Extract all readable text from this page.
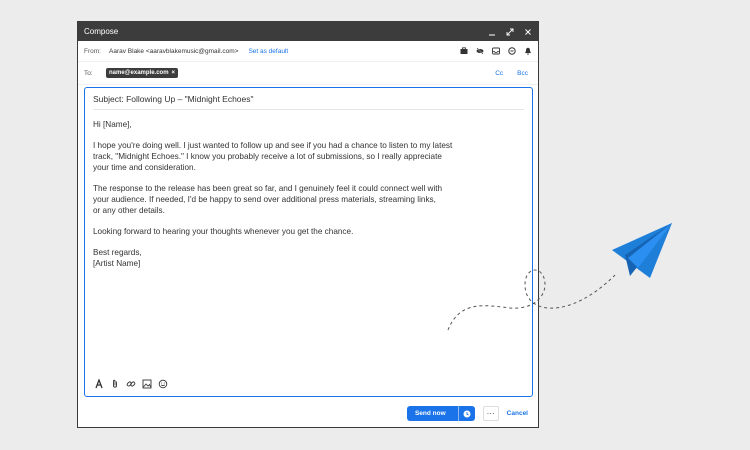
Compose
From:	Aarav Blake <aaravblakemusic@gmail.com> Set as default
To:	name@example.com ×	Cc Bcc
Subject: Following Up – "Midnight Echoes"

Hi [Name],

I hope you're doing well. I just wanted to follow up and see if you had a chance to listen to my latest
track, "Midnight Echoes." I know you probably receive a lot of submissions, so I really appreciate
your time and consideration.

The response to the release has been great so far, and I genuinely feel it could connect well with
your audience. If needed, I'd be happy to send over additional press materials, streaming links,
or any other details.

Looking forward to hearing your thoughts whenever you get the chance.

Best regards,
[Artist Name]

Send now	···	Cancel
